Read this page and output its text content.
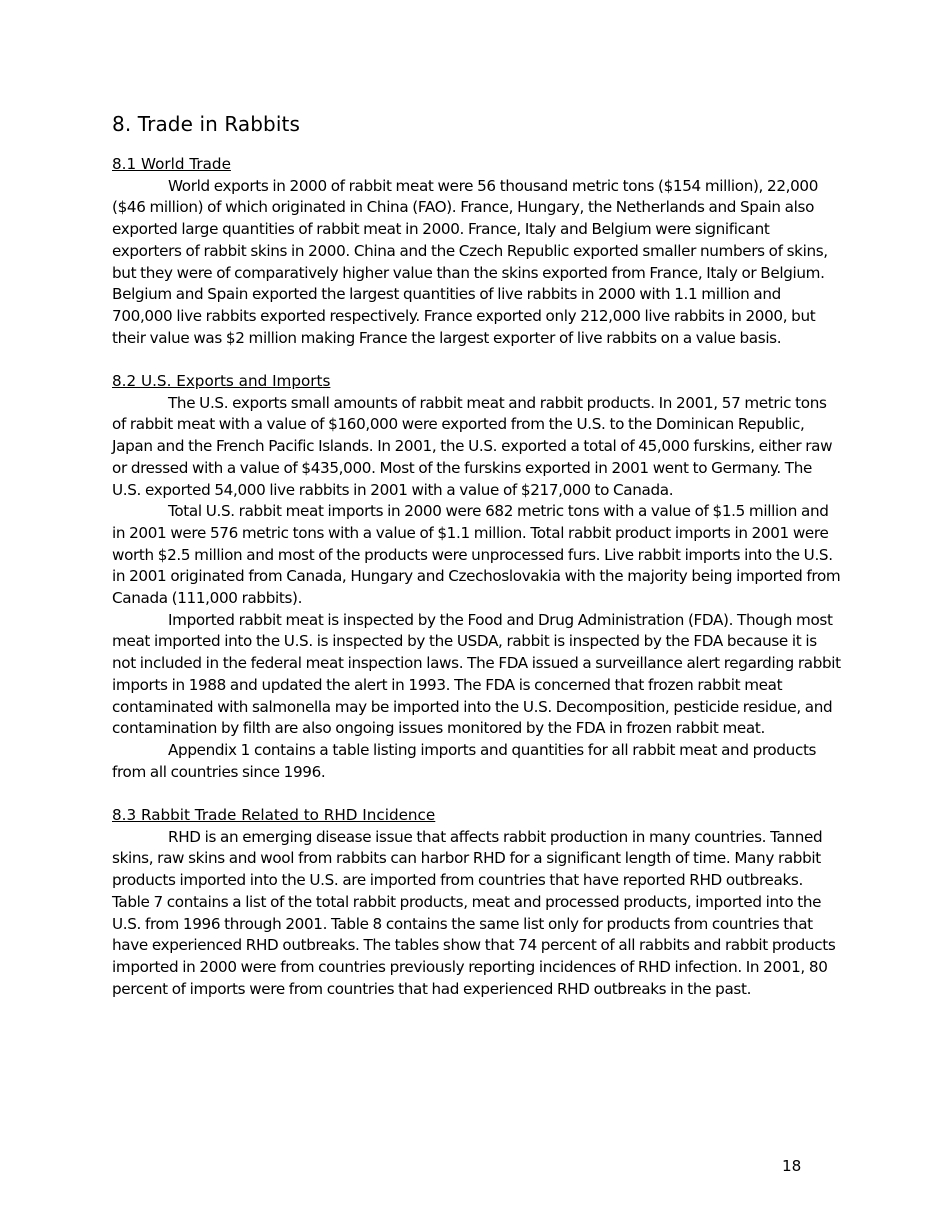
8. Trade in Rabbits
8.1 World Trade

World exports in 2000 of rabbit meat were 56 thousand metric tons ($154 million), 22,000 ($46 million) of which originated in China (FAO). France, Hungary, the Netherlands and Spain also exported large quantities of rabbit meat in 2000. France, Italy and Belgium were significant exporters of rabbit skins in 2000. China and the Czech Republic exported smaller numbers of skins, but they were of comparatively higher value than the skins exported from France, Italy or Belgium. Belgium and Spain exported the largest quantities of live rabbits in 2000 with 1.1 million and 700,000 live rabbits exported respectively. France exported only 212,000 live rabbits in 2000, but their value was $2 million making France the largest exporter of live rabbits on a value basis.

8.2 U.S. Exports and Imports

The U.S. exports small amounts of rabbit meat and rabbit products. In 2001, 57 metric tons of rabbit meat with a value of $160,000 were exported from the U.S. to the Dominican Republic, Japan and the French Pacific Islands. In 2001, the U.S. exported a total of 45,000 furskins, either raw or dressed with a value of $435,000. Most of the furskins exported in 2001 went to Germany. The U.S. exported 54,000 live rabbits in 2001 with a value of $217,000 to Canada.

Total U.S. rabbit meat imports in 2000 were 682 metric tons with a value of $1.5 million and in 2001 were 576 metric tons with a value of $1.1 million. Total rabbit product imports in 2001 were worth $2.5 million and most of the products were unprocessed furs. Live rabbit imports into the U.S. in 2001 originated from Canada, Hungary and Czechoslovakia with the majority being imported from Canada (111,000 rabbits).

Imported rabbit meat is inspected by the Food and Drug Administration (FDA). Though most meat imported into the U.S. is inspected by the USDA, rabbit is inspected by the FDA because it is not included in the federal meat inspection laws. The FDA issued a surveillance alert regarding rabbit imports in 1988 and updated the alert in 1993. The FDA is concerned that frozen rabbit meat contaminated with salmonella may be imported into the U.S. Decomposition, pesticide residue, and contamination by filth are also ongoing issues monitored by the FDA in frozen rabbit meat.

Appendix 1 contains a table listing imports and quantities for all rabbit meat and products from all countries since 1996.

8.3 Rabbit Trade Related to RHD Incidence

RHD is an emerging disease issue that affects rabbit production in many countries. Tanned skins, raw skins and wool from rabbits can harbor RHD for a significant length of time. Many rabbit products imported into the U.S. are imported from countries that have reported RHD outbreaks. Table 7 contains a list of the total rabbit products, meat and processed products, imported into the U.S. from 1996 through 2001. Table 8 contains the same list only for products from countries that have experienced RHD outbreaks. The tables show that 74 percent of all rabbits and rabbit products imported in 2000 were from countries previously reporting incidences of RHD infection. In 2001, 80 percent of imports were from countries that had experienced RHD outbreaks in the past.

18
